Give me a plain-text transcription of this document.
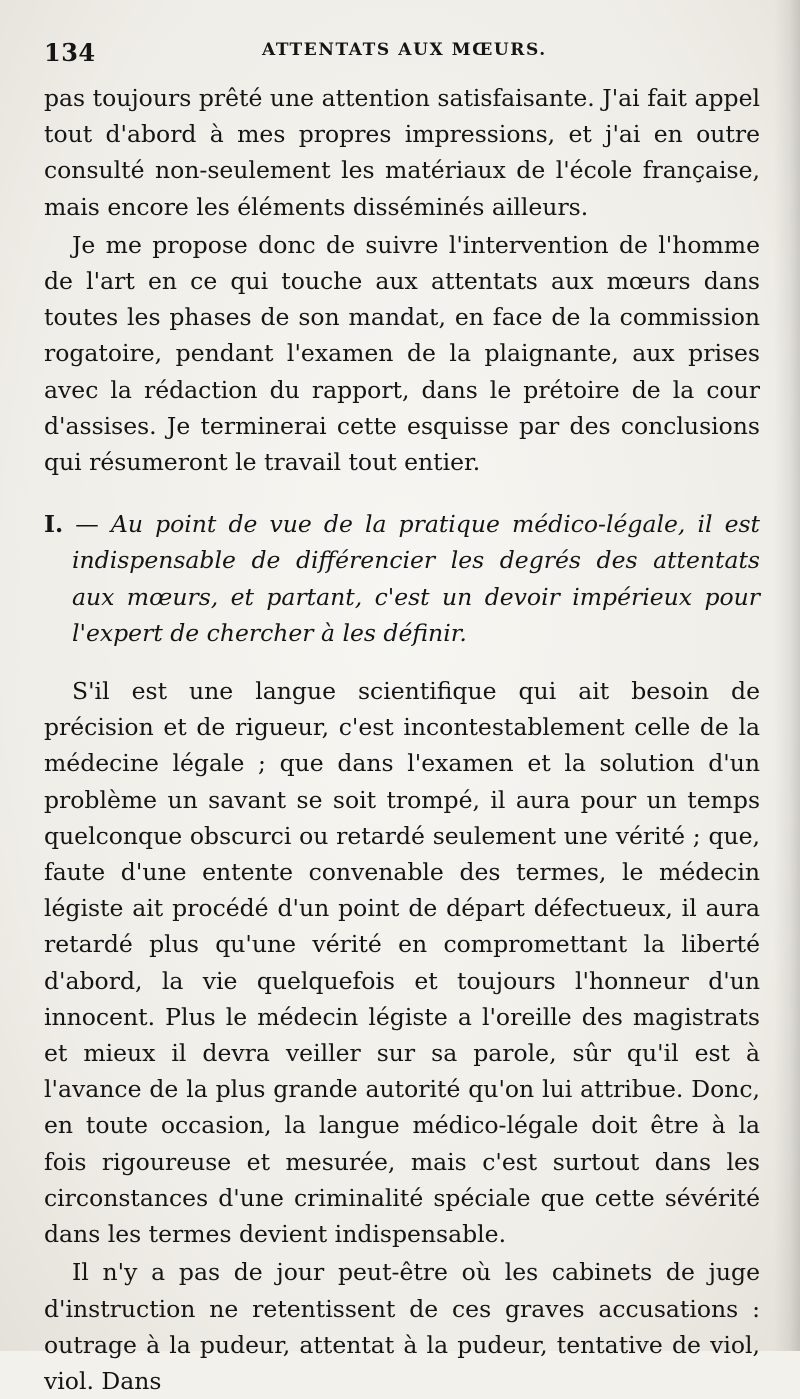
134	ATTENTATS AUX MŒURS.

pas toujours prêté une attention satisfaisante. J'ai fait appel tout d'abord à mes propres impressions, et j'ai en outre consulté non-seulement les matériaux de l'école française, mais encore les éléments disséminés ailleurs.

Je me propose donc de suivre l'intervention de l'homme de l'art en ce qui touche aux attentats aux mœurs dans toutes les phases de son mandat, en face de la commission rogatoire, pendant l'examen de la plaignante, aux prises avec la rédaction du rapport, dans le prétoire de la cour d'assises. Je terminerai cette esquisse par des conclusions qui résumeront le travail tout entier.

I. — Au point de vue de la pratique médico-légale, il est indispensable de différencier les degrés des attentats aux mœurs, et partant, c'est un devoir impérieux pour l'expert de chercher à les définir.

S'il est une langue scientifique qui ait besoin de précision et de rigueur, c'est incontestablement celle de la médecine légale ; que dans l'examen et la solution d'un problème un savant se soit trompé, il aura pour un temps quelconque obscurci ou retardé seulement une vérité ; que, faute d'une entente convenable des termes, le médecin légiste ait procédé d'un point de départ défectueux, il aura retardé plus qu'une vérité en compromettant la liberté d'abord, la vie quelquefois et toujours l'honneur d'un innocent. Plus le médecin légiste a l'oreille des magistrats et mieux il devra veiller sur sa parole, sûr qu'il est à l'avance de la plus grande autorité qu'on lui attribue. Donc, en toute occasion, la langue médico-légale doit être à la fois rigoureuse et mesurée, mais c'est surtout dans les circonstances d'une criminalité spéciale que cette sévérité dans les termes devient indispensable.

Il n'y a pas de jour peut-être où les cabinets de juge d'instruction ne retentissent de ces graves accusations : outrage à la pudeur, attentat à la pudeur, tentative de viol, viol. Dans
